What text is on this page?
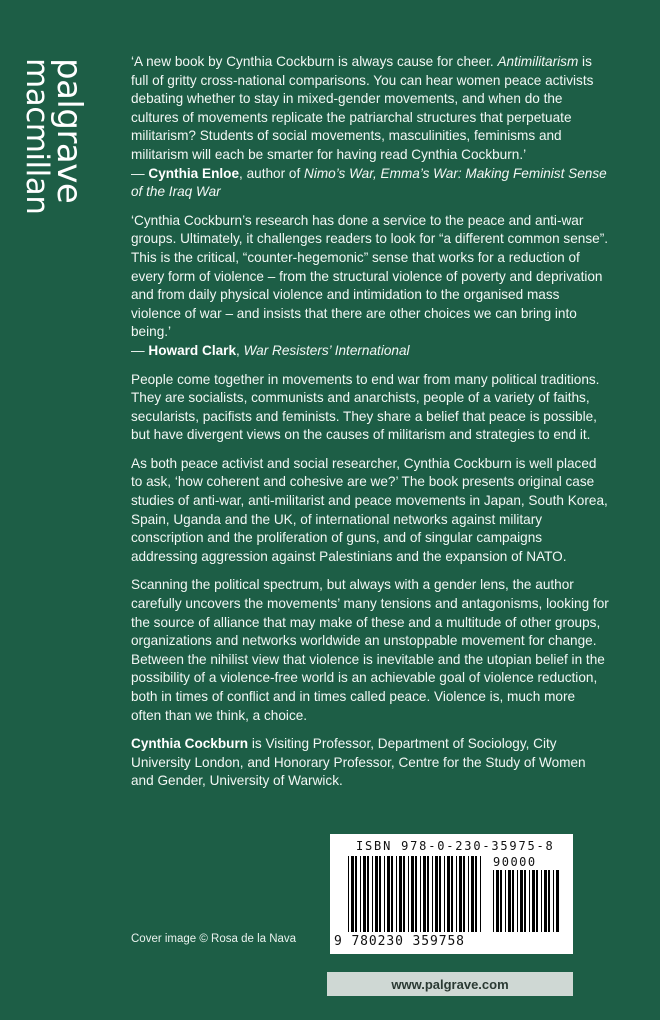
palgrave
macmillan	‘A new book by Cynthia Cockburn is always cause for cheer. Antimilitarism is full of gritty cross-national comparisons. You can hear women peace activists debating whether to stay in mixed-gender movements, and when do the cultures of movements replicate the patriarchal structures that perpetuate militarism? Students of social movements, masculinities, feminisms and militarism will each be smarter for having read Cynthia Cockburn.’
— Cynthia Enloe, author of Nimo’s War, Emma’s War: Making Feminist Sense of the Iraq War

‘Cynthia Cockburn’s research has done a service to the peace and anti-war groups. Ultimately, it challenges readers to look for “a different common sense”. This is the critical, “counter-hegemonic” sense that works for a reduction of every form of violence – from the structural violence of poverty and deprivation and from daily physical violence and intimidation to the organised mass violence of war – and insists that there are other choices we can bring into being.’
— Howard Clark, War Resisters’ International

People come together in movements to end war from many political traditions. They are socialists, communists and anarchists, people of a variety of faiths, secularists, pacifists and feminists. They share a belief that peace is possible, but have divergent views on the causes of militarism and strategies to end it.

As both peace activist and social researcher, Cynthia Cockburn is well placed to ask, ‘how coherent and cohesive are we?’ The book presents original case studies of anti-war, anti-militarist and peace movements in Japan, South Korea, Spain, Uganda and the UK, of international networks against military conscription and the proliferation of guns, and of singular campaigns addressing aggression against Palestinians and the expansion of NATO.

Scanning the political spectrum, but always with a gender lens, the author carefully uncovers the movements’ many tensions and antagonisms, looking for the source of alliance that may make of these and a multitude of other groups, organizations and networks worldwide an unstoppable movement for change. Between the nihilist view that violence is inevitable and the utopian belief in the possibility of a violence-free world is an achievable goal of violence reduction, both in times of conflict and in times called peace. Violence is, much more often than we think, a choice.

Cynthia Cockburn is Visiting Professor, Department of Sociology, City University London, and Honorary Professor, Centre for the Study of Women and Gender, University of Warwick.

ISBN 978-0-230-35975-8
90000
9 780230 359758
Cover image © Rosa de la Nava
www.palgrave.com
